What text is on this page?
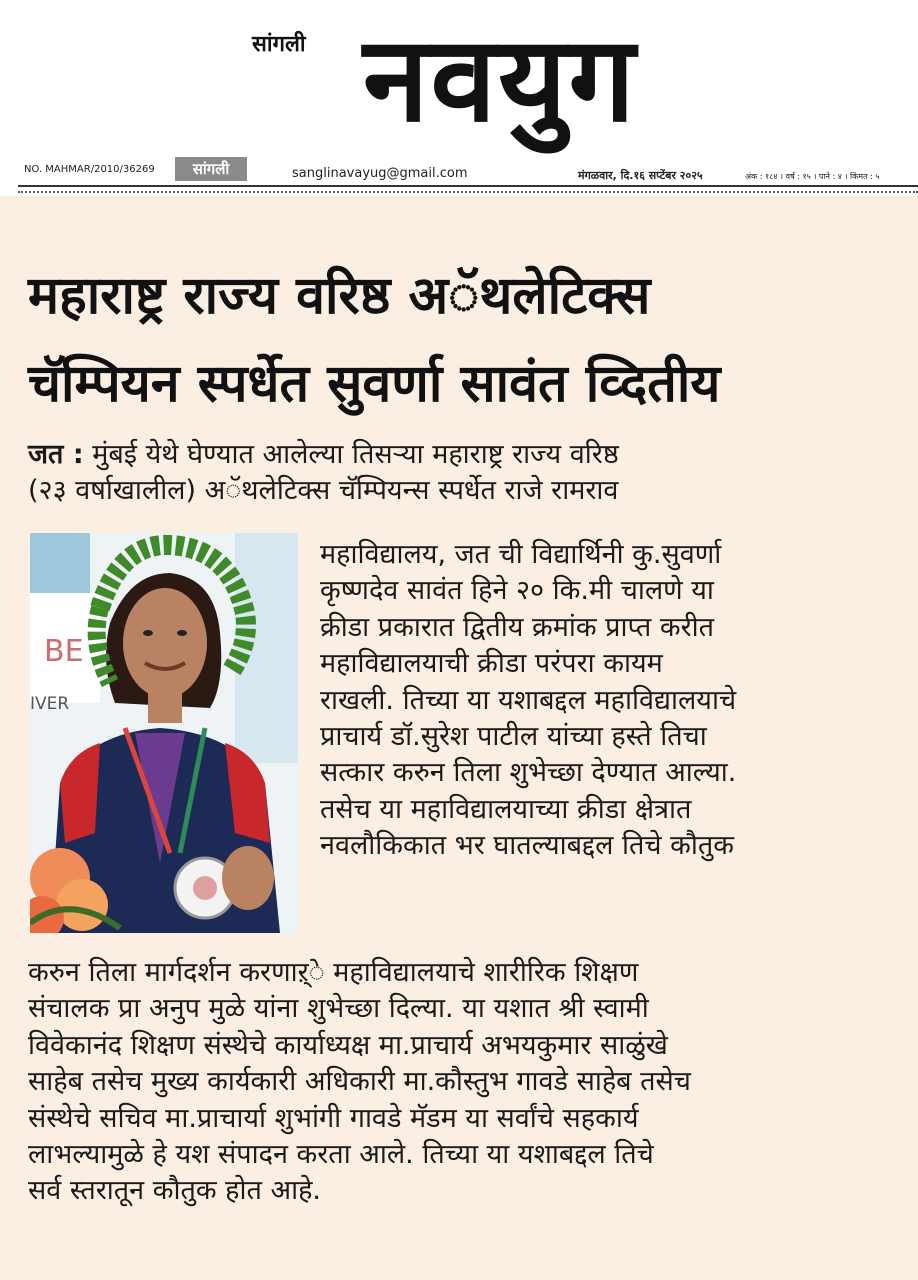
सांगली नवयुग
NO. MAHMAR/2010/36269	सांगली	sanglinavayug@gmail.com	मंगळवार, दि.१६ सप्टेंबर २०२५	अंक : १८४ । वर्ष : १५ । पाने : ४ । किंमत : ५
महाराष्ट्र राज्य वरिष्ठ अॅथलेटिक्स
चॅम्पियन स्पर्धेत सुवर्णा सावंत व्दितीय
जत : मुंबई येथे घेण्यात आलेल्या तिसऱ्या महाराष्ट्र राज्य वरिष्ठ
(२३ वर्षाखालील) अॅथलेटिक्स चॅम्पियन्स स्पर्धेत राजे रामराव
BE
IVER
महाविद्यालय, जत ची विद्यार्थिनी कु.सुवर्णा
कृष्णदेव सावंत हिने २० कि.मी चालणे या
क्रीडा प्रकारात द्वितीय क्रमांक प्राप्त करीत
महाविद्यालयाची क्रीडा परंपरा कायम
राखली. तिच्या या यशाबद्दल महाविद्यालयाचे
प्राचार्य डॉ.सुरेश पाटील यांच्या हस्ते तिचा
सत्कार करुन तिला शुभेच्छा देण्यात आल्या.
तसेच या महाविद्यालयाच्या क्रीडा क्षेत्रात
नवलौकिकात भर घातल्याबद्दल तिचे कौतुक
करुन तिला मार्गदर्शन करणाऱ्े महाविद्यालयाचे शारीरिक शिक्षण
संचालक प्रा अनुप मुळे यांना शुभेच्छा दिल्या. या यशात श्री स्वामी
विवेकानंद शिक्षण संस्थेचे कार्याध्यक्ष मा.प्राचार्य अभयकुमार साळुंखे
साहेब तसेच मुख्य कार्यकारी अधिकारी मा.कौस्तुभ गावडे साहेब तसेच
संस्थेचे सचिव मा.प्राचार्या शुभांगी गावडे मॅडम या सर्वांचे सहकार्य
लाभल्यामुळे हे यश संपादन करता आले. तिच्या या यशाबद्दल तिचे
सर्व स्तरातून कौतुक होत आहे.
